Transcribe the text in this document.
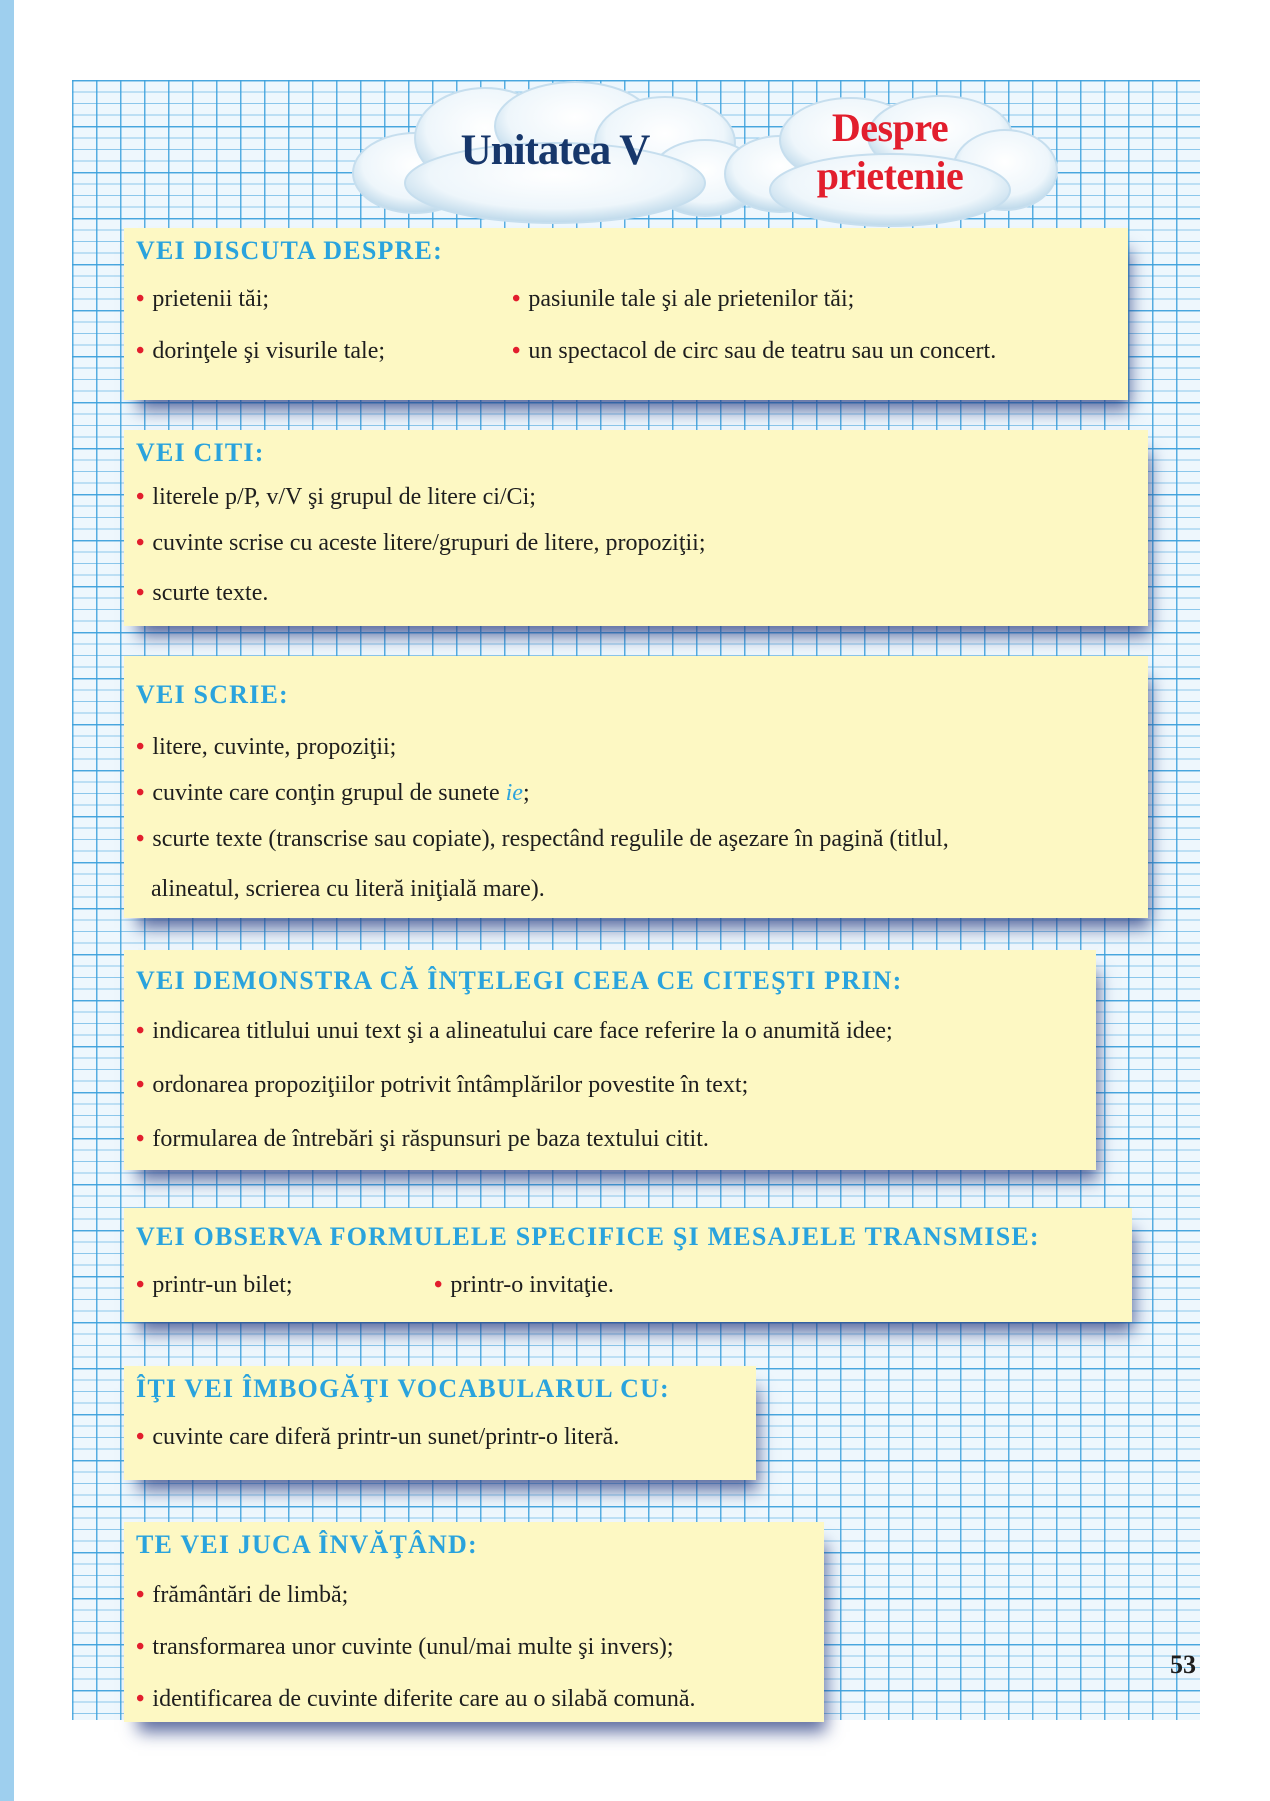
Unitatea V	Despre
prietenie
VEI DISCUTA DESPRE:
• prietenii tăi;	• pasiunile tale şi ale prietenilor tăi;
• dorinţele şi visurile tale;	• un spectacol de circ sau de teatru sau un concert.
VEI CITI:
• literele p/P, v/V şi grupul de litere ci/Ci;
• cuvinte scrise cu aceste litere/grupuri de litere, propoziţii;
• scurte texte.
VEI SCRIE:
• litere, cuvinte, propoziţii;
• cuvinte care conţin grupul de sunete ie;
• scurte texte (transcrise sau copiate), respectând regulile de aşezare în pagină (titlul,
alineatul, scrierea cu literă iniţială mare).
VEI DEMONSTRA CĂ ÎNŢELEGI CEEA CE CITEŞTI PRIN:
• indicarea titlului unui text şi a alineatului care face referire la o anumită idee;
• ordonarea propoziţiilor potrivit întâmplărilor povestite în text;
• formularea de întrebări şi răspunsuri pe baza textului citit.
VEI OBSERVA FORMULELE SPECIFICE ŞI MESAJELE TRANSMISE:
• printr-un bilet;	• printr-o invitaţie.
ÎŢI VEI ÎMBOGĂŢI VOCABULARUL CU:
• cuvinte care diferă printr-un sunet/printr-o literă.
TE VEI JUCA ÎNVĂŢÂND:
• frământări de limbă;
• transformarea unor cuvinte (unul/mai multe şi invers);
• identificarea de cuvinte diferite care au o silabă comună.
53
